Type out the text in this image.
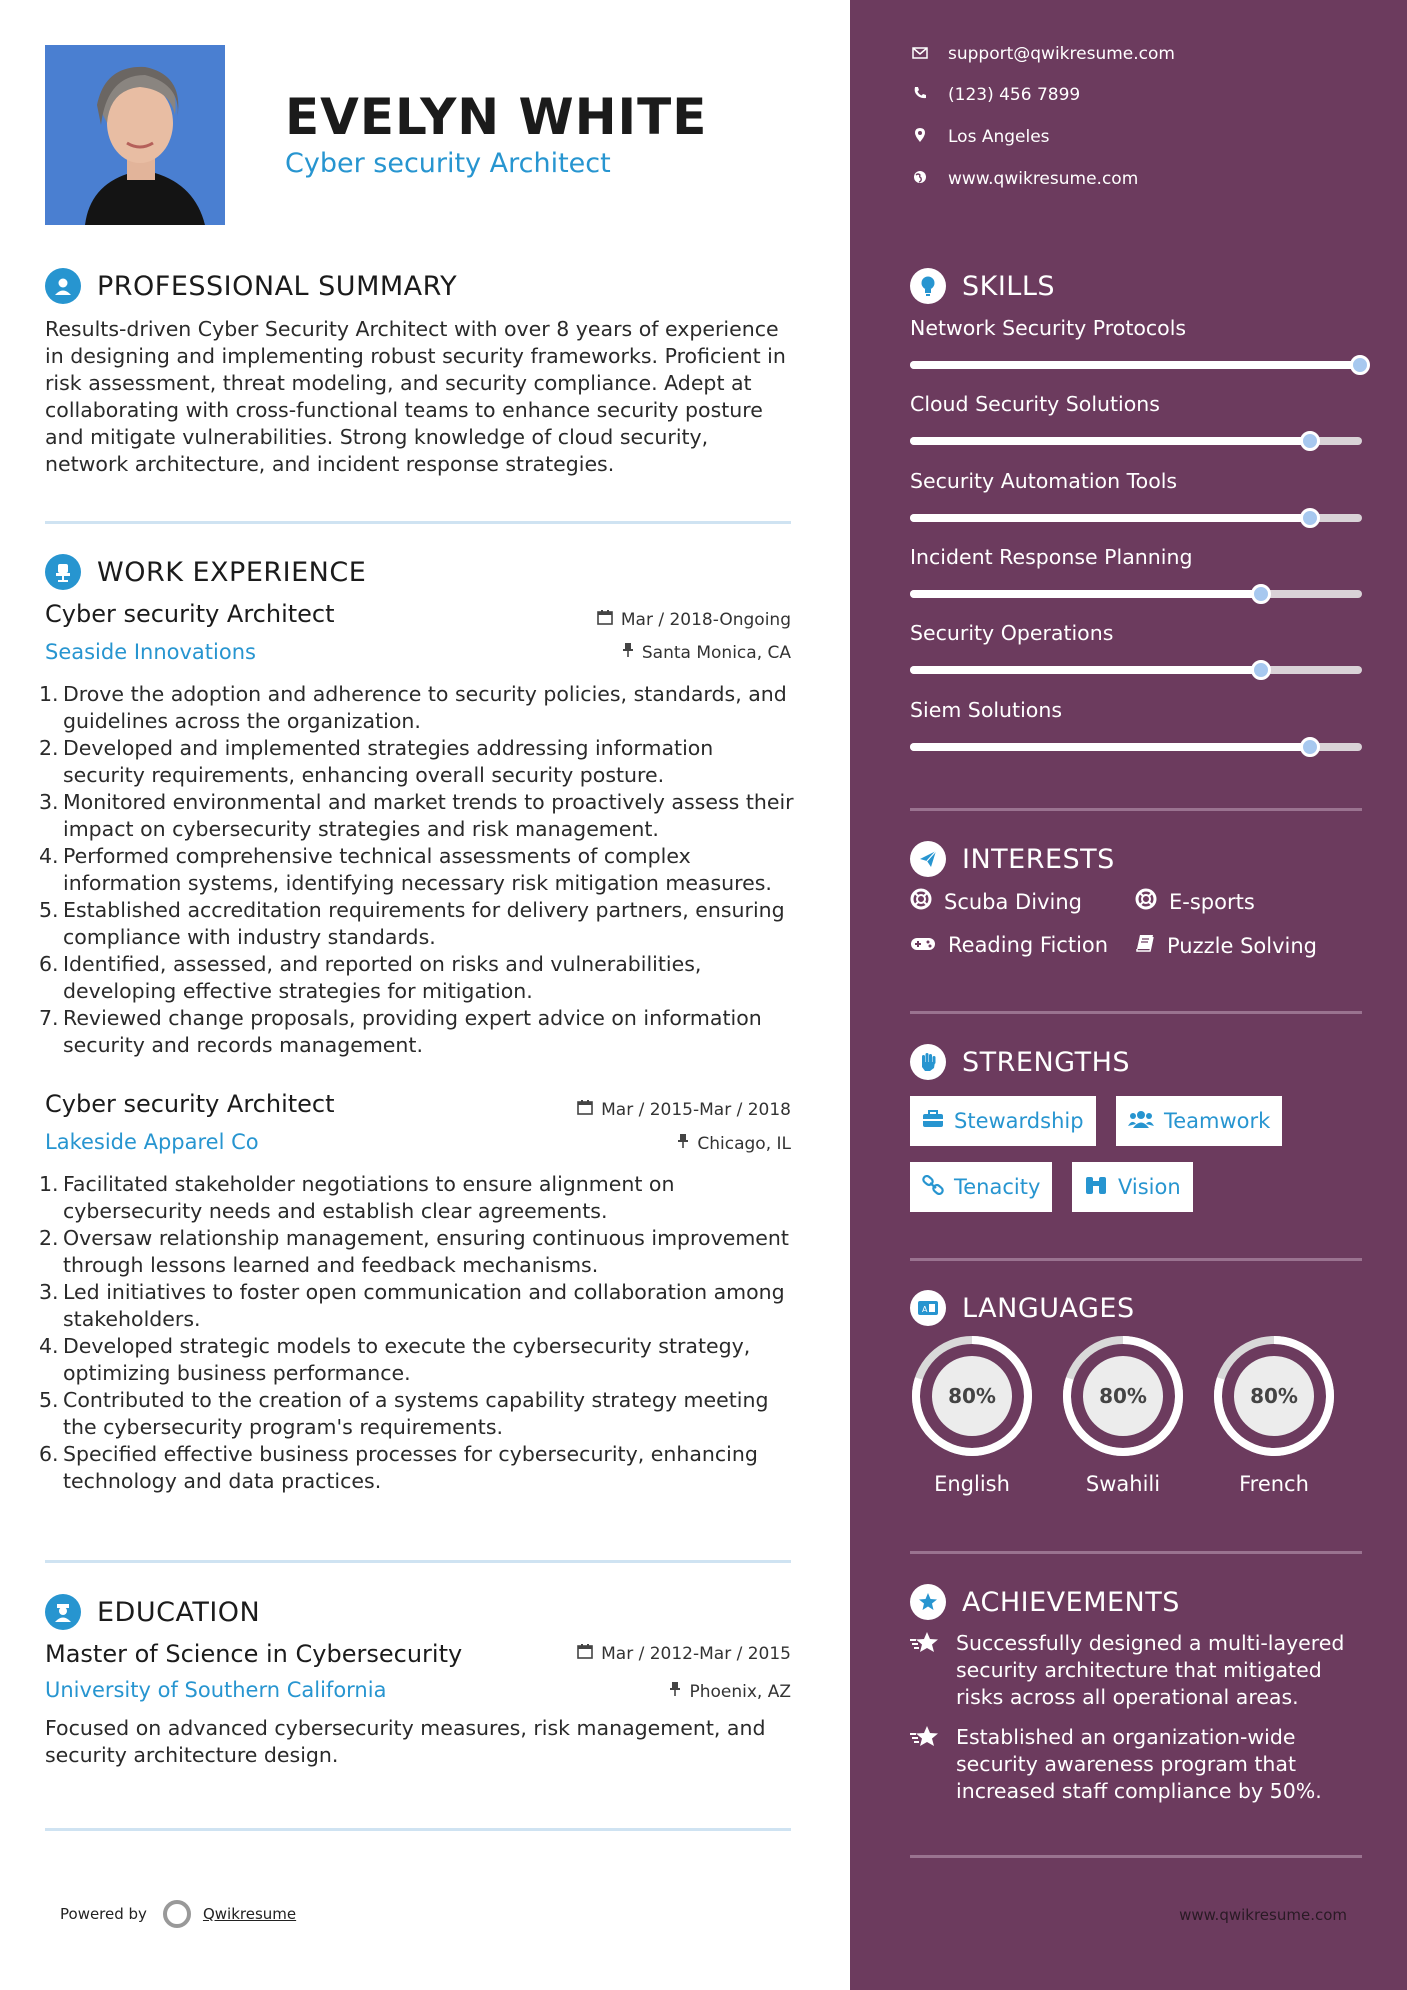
EVELYN WHITE
Cyber security Architect
PROFESSIONAL SUMMARY
Results-driven Cyber Security Architect with over 8 years of experience in designing and implementing robust security frameworks. Proficient in risk assessment, threat modeling, and security compliance. Adept at collaborating with cross-functional teams to enhance security posture and mitigate vulnerabilities. Strong knowledge of cloud security, network architecture, and incident response strategies.
WORK EXPERIENCE
Cyber security Architect	Mar / 2018-Ongoing
Seaside Innovations	Santa Monica, CA
1. Drove the adoption and adherence to security policies, standards, and guidelines across the organization.
2. Developed and implemented strategies addressing information security requirements, enhancing overall security posture.
3. Monitored environmental and market trends to proactively assess their impact on cybersecurity strategies and risk management.
4. Performed comprehensive technical assessments of complex information systems, identifying necessary risk mitigation measures.
5. Established accreditation requirements for delivery partners, ensuring compliance with industry standards.
6. Identified, assessed, and reported on risks and vulnerabilities, developing effective strategies for mitigation.
7. Reviewed change proposals, providing expert advice on information security and records management.
Cyber security Architect	Mar / 2015-Mar / 2018
Lakeside Apparel Co	Chicago, IL
1. Facilitated stakeholder negotiations to ensure alignment on cybersecurity needs and establish clear agreements.
2. Oversaw relationship management, ensuring continuous improvement through lessons learned and feedback mechanisms.
3. Led initiatives to foster open communication and collaboration among stakeholders.
4. Developed strategic models to execute the cybersecurity strategy, optimizing business performance.
5. Contributed to the creation of a systems capability strategy meeting the cybersecurity program's requirements.
6. Specified effective business processes for cybersecurity, enhancing technology and data practices.
EDUCATION
Master of Science in Cybersecurity	Mar / 2012-Mar / 2015
University of Southern California	Phoenix, AZ
Focused on advanced cybersecurity measures, risk management, and security architecture design.
Powered by	Qwikresume
support@qwikresume.com
(123) 456 7899
Los Angeles
www.qwikresume.com
SKILLS
Network Security Protocols
Cloud Security Solutions
Security Automation Tools
Incident Response Planning
Security Operations
Siem Solutions
INTERESTS
Scuba Diving	E-sports
Reading Fiction	Puzzle Solving
STRENGTHS
Stewardship	Teamwork
Tenacity	Vision
A LANGUAGES
80%
English
80%
Swahili
80%
French
ACHIEVEMENTS
Successfully designed a multi-layered security architecture that mitigated risks across all operational areas.
Established an organization-wide security awareness program that increased staff compliance by 50%.
www.qwikresume.com
